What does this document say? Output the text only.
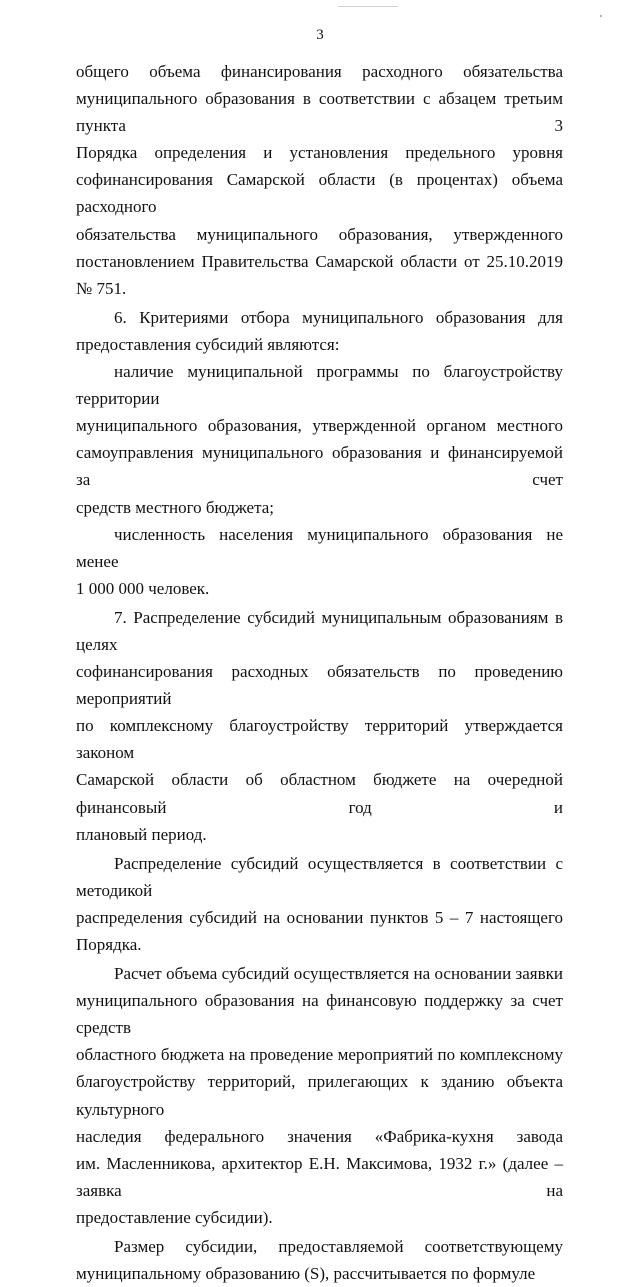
3

общего объема финансирования расходного обязательства

муниципального образования в соответствии с абзацем третьим пункта 3

Порядка определения и установления предельного уровня

софинансирования Самарской области (в процентах) объема расходного

обязательства муниципального образования, утвержденного

постановлением Правительства Самарской области от 25.10.2019 № 751.

6. Критериями отбора муниципального образования для

предоставления субсидий являются:

наличие муниципальной программы по благоустройству территории

муниципального образования, утвержденной органом местного

самоуправления муниципального образования и финансируемой за счет

средств местного бюджета;

численность населения муниципального образования не менее

1 000 000 человек.

7. Распределение субсидий муниципальным образованиям в целях

софинансирования расходных обязательств по проведению мероприятий

по комплексному благоустройству территорий утверждается законом

Самарской области об областном бюджете на очередной финансовый год и

плановый период.

Распределение субсидий осуществляется в соответствии с методикой

распределения субсидий на основании пунктов 5 – 7 настоящего Порядка.

Расчет объема субсидий осуществляется на основании заявки

муниципального образования на финансовую поддержку за счет средств

областного бюджета на проведение мероприятий по комплексному

благоустройству территорий, прилегающих к зданию объекта культурного

наследия федерального значения «Фабрика-кухня завода

им. Масленникова, архитектор Е.Н. Максимова, 1932 г.» (далее – заявка на

предоставление субсидии).

Размер субсидии, предоставляемой соответствующему

муниципальному образованию (S), рассчитывается по формуле
